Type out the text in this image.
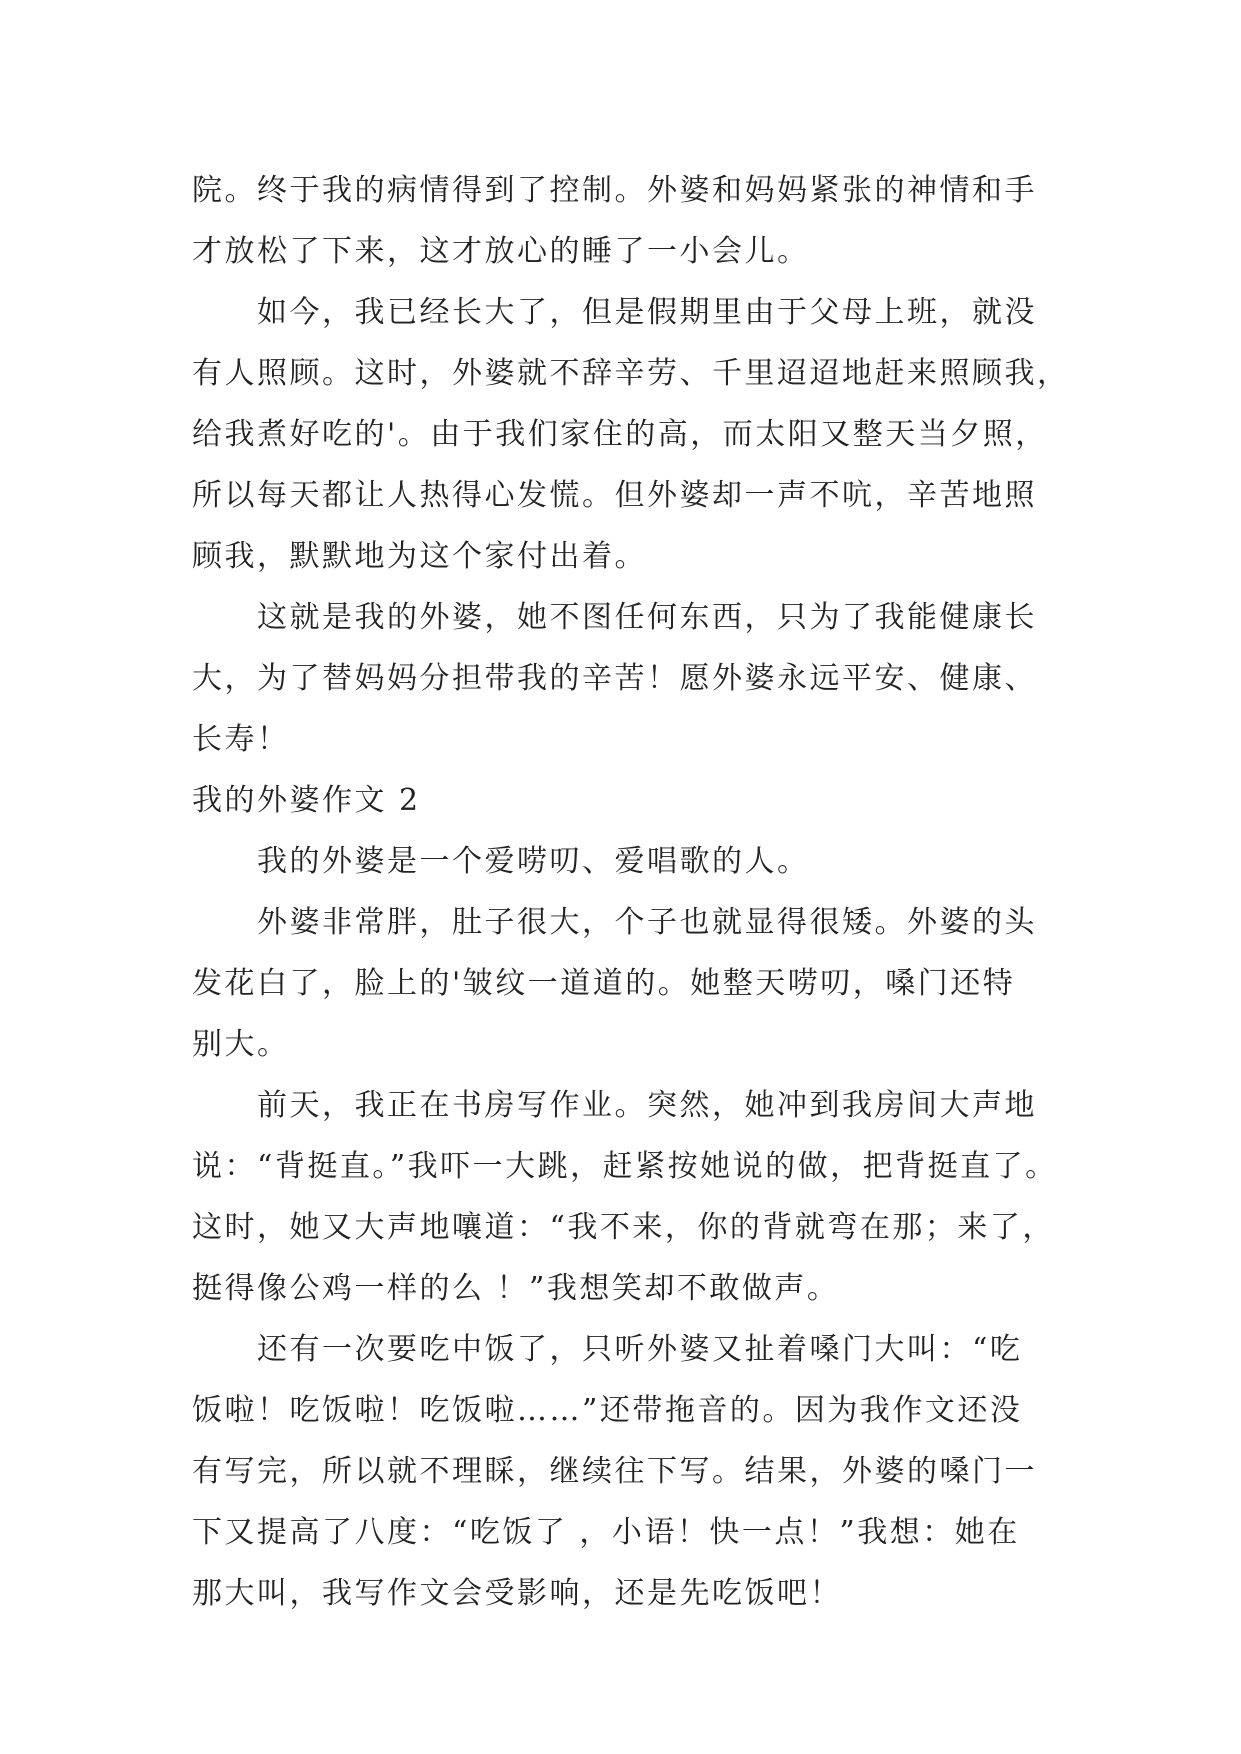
院。终于我的病情得到了控制。外婆和妈妈紧张的神情和手

才放松了下来，这才放心的睡了一小会儿。

如今，我已经长大了，但是假期里由于父母上班，就没

有人照顾。这时，外婆就不辞辛劳、千里迢迢地赶来照顾我，

给我煮好吃的'。由于我们家住的高，而太阳又整天当夕照，

所以每天都让人热得心发慌。但外婆却一声不吭，辛苦地照

顾我，默默地为这个家付出着。

这就是我的外婆，她不图任何东西，只为了我能健康长

大，为了替妈妈分担带我的辛苦！愿外婆永远平安、健康、

长寿！

我的外婆作文 2

我的外婆是一个爱唠叨、爱唱歌的人。

外婆非常胖，肚子很大，个子也就显得很矮。外婆的头

发花白了，脸上的'皱纹一道道的。她整天唠叨，嗓门还特

别大。

前天，我正在书房写作业。突然，她冲到我房间大声地

说：“背挺直。”我吓一大跳，赶紧按她说的做，把背挺直了。

这时，她又大声地嚷道：“我不来，你的背就弯在那；来了，

挺得像公鸡一样的么 ！”我想笑却不敢做声。

还有一次要吃中饭了，只听外婆又扯着嗓门大叫：“吃

饭啦！吃饭啦！吃饭啦……”还带拖音的。因为我作文还没

有写完，所以就不理睬，继续往下写。结果，外婆的嗓门一

下又提高了八度：“吃饭了 ，小语！快一点！”我想：她在

那大叫，我写作文会受影响，还是先吃饭吧！
